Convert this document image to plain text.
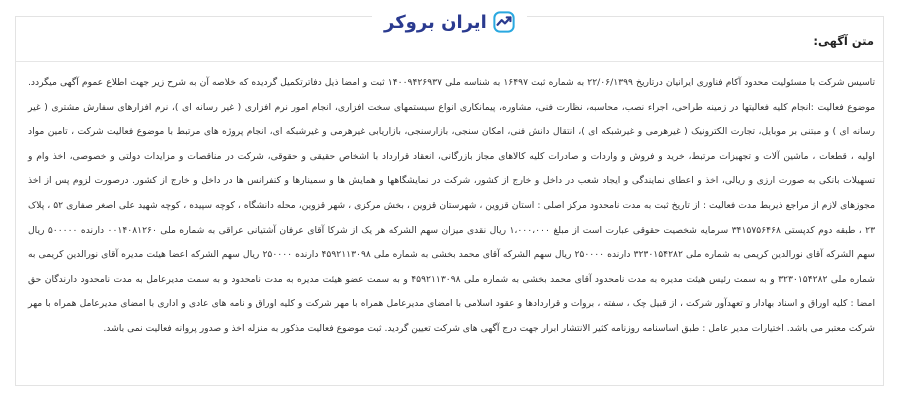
متن آگهی:

تاسیس شرکت با مسئولیت محدود آکام فناوری ایرانیان درتاریخ ۲۲/۰۶/۱۳۹۹ به شماره ثبت ۱۶۴۹۷ به شناسه ملی ۱۴۰۰۹۴۲۶۹۳۷ ثبت و امضا ذیل دفاترتکمیل گردیده که خلاصه آن به شرح زیر جهت اطلاع عموم آگهی میگردد. موضوع فعالیت :انجام کلیه فعالیتها در زمینه طراحی، اجراء نصب، محاسبه، نظارت فنی، مشاوره، پیمانکاری انواع سیستمهای سخت افزاری، انجام امور نرم افزاری ( غیر رسانه ای )، نرم افزارهای سفارش مشتری ( غیر رسانه ای ) و مبتنی بر موبایل، تجارت الکترونیک ( غیرهرمی و غیرشبکه ای )، انتقال دانش فنی، امکان سنجی، بازارسنجی، بازاریابی غیرهرمی و غیرشبکه ای، انجام پروژه های مرتبط با موضوع فعالیت شرکت ، تامین مواد اولیه ، قطعات ، ماشین آلات و تجهیزات مرتبط، خرید و فروش و واردات و صادرات کلیه کالاهای مجاز بازرگانی، انعقاد قرارداد با اشخاص حقیقی و حقوقی، شرکت در مناقصات و مزایدات دولتی و خصوصی، اخذ وام و تسهیلات بانکی به صورت ارزی و ریالی، اخذ و اعطای نمایندگی و ایجاد شعب در داخل و خارج از کشور، شرکت در نمایشگاهها و همایش ها و سمینارها و کنفرانس ها در داخل و خارج از کشور. درصورت لزوم پس از اخذ مجوزهای لازم از مراجع ذیربط مدت فعالیت : از تاریخ ثبت به مدت نامحدود مرکز اصلی : استان قزوین ، شهرستان قزوین ، بخش مرکزی ، شهر قزوین، محله دانشگاه ، کوچه سپیده ، کوچه شهید علی اصغر صفاری ۵۲ ، پلاک ۲۳ ، طبقه دوم کدپستی ۳۴۱۵۷۵۶۴۶۸ سرمایه شخصیت حقوقی عبارت است از مبلغ ۱،۰۰۰،۰۰۰ ریال نقدی میزان سهم الشرکه هر یک از شرکا آقای عرفان آشتیانی عراقی به شماره ملی ۰۰۱۴۰۸۱۲۶۰ دارنده ۵۰۰۰۰۰ ریال سهم الشرکه آقای نورالدین کریمی به شماره ملی ۳۲۳۰۱۵۴۲۸۲ دارنده ۲۵۰۰۰۰ ریال سهم الشرکه آقای محمد بخشی به شماره ملی ۴۵۹۲۱۱۳۰۹۸ دارنده ۲۵۰۰۰۰ ریال سهم الشرکه اعضا هیئت مدیره آقای نورالدین کریمی به شماره ملی ۳۲۳۰۱۵۴۲۸۲ و به سمت رئیس هیئت مدیره به مدت نامحدود آقای محمد بخشی به شماره ملی ۴۵۹۲۱۱۳۰۹۸ و به سمت عضو هیئت مدیره به مدت نامحدود و به سمت مدیرعامل به مدت نامحدود دارندگان حق امضا : کلیه اوراق و اسناد بهادار و تعهدآور شرکت ، از قبیل چک ، سفته ، بروات و قراردادها و عقود اسلامی با امضای مدیرعامل همراه با مهر شرکت و کلیه اوراق و نامه های عادی و اداری با امضای مدیرعامل همراه با مهر شرکت معتبر می باشد. اختیارات مدیر عامل : طبق اساسنامه روزنامه کثیر الانتشار ابرار جهت درج آگهی های شرکت تعیین گردید. ثبت موضوع فعالیت مذکور به منزله اخذ و صدور پروانه فعالیت نمی باشد.

ایران بروکر
